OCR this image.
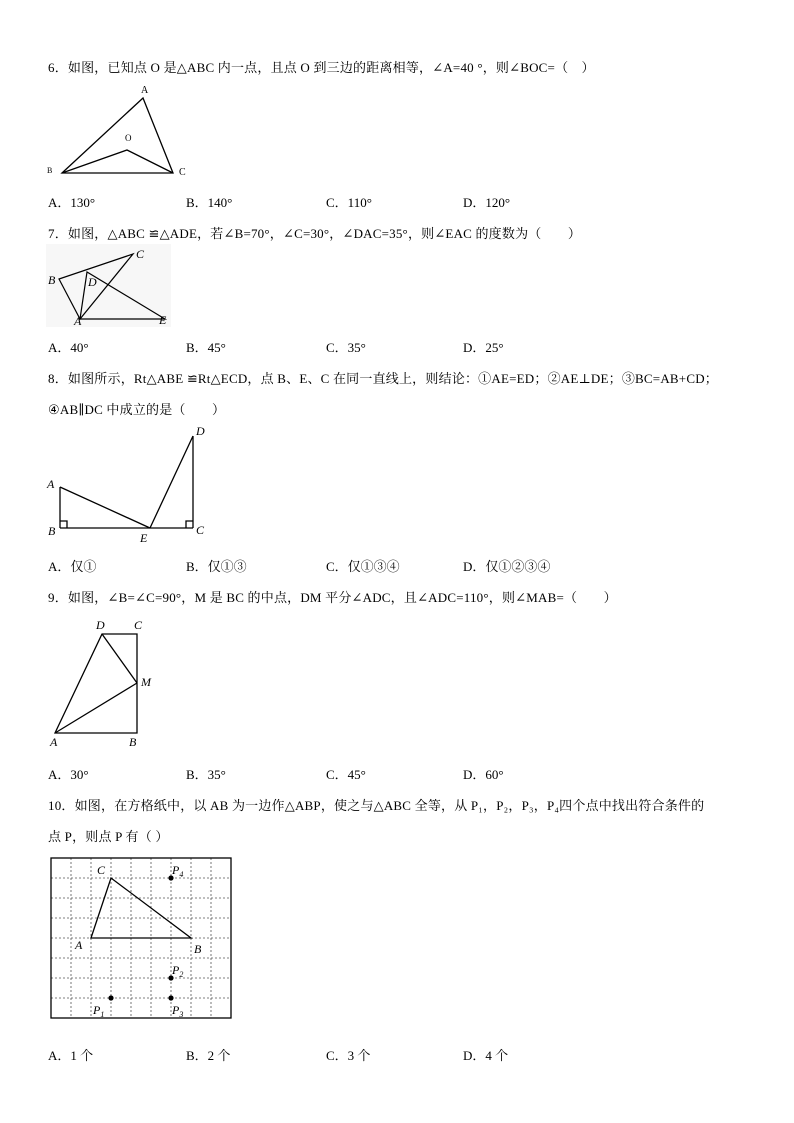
6．如图，已知点 O 是△ABC 内一点，且点 O 到三边的距离相等，∠A=40 °，则∠BOC=（　）
A
B	C
O
A．130°	B．140°	C．110°	D．120°
7．如图，△ABC ≌△ADE，若∠B=70°，∠C=30°，∠DAC=35°，则∠EAC 的度数为（　　）
C
B	D
A	E
A．40°	B．45°	C．35°	D．25°
8．如图所示，Rt△ABE ≌Rt△ECD，点 B、E、C 在同一直线上，则结论：①AE=ED；②AE⊥DE；③BC=AB+CD；
④AB∥DC 中成立的是（　　）
A
B	E
C
D
A．仅①	B．仅①③	C．仅①③④	D．仅①②③④
9．如图，∠B=∠C=90°，M 是 BC 的中点，DM 平分∠ADC，且∠ADC=110°，则∠MAB=（　　）
D C
M
A	B
A．30°	B．35°	C．45°	D．60°
10．如图，在方格纸中，以 AB 为一边作△ABP，使之与△ABC 全等，从 P₁，P₂，P₃，P₄四个点中找出符合条件的
点 P，则点 P 有（ ）
C
A	B
$P_4$
$P_2$
$P_1$	$P_3$
A．1 个	B．2 个	C．3 个	D．4 个
